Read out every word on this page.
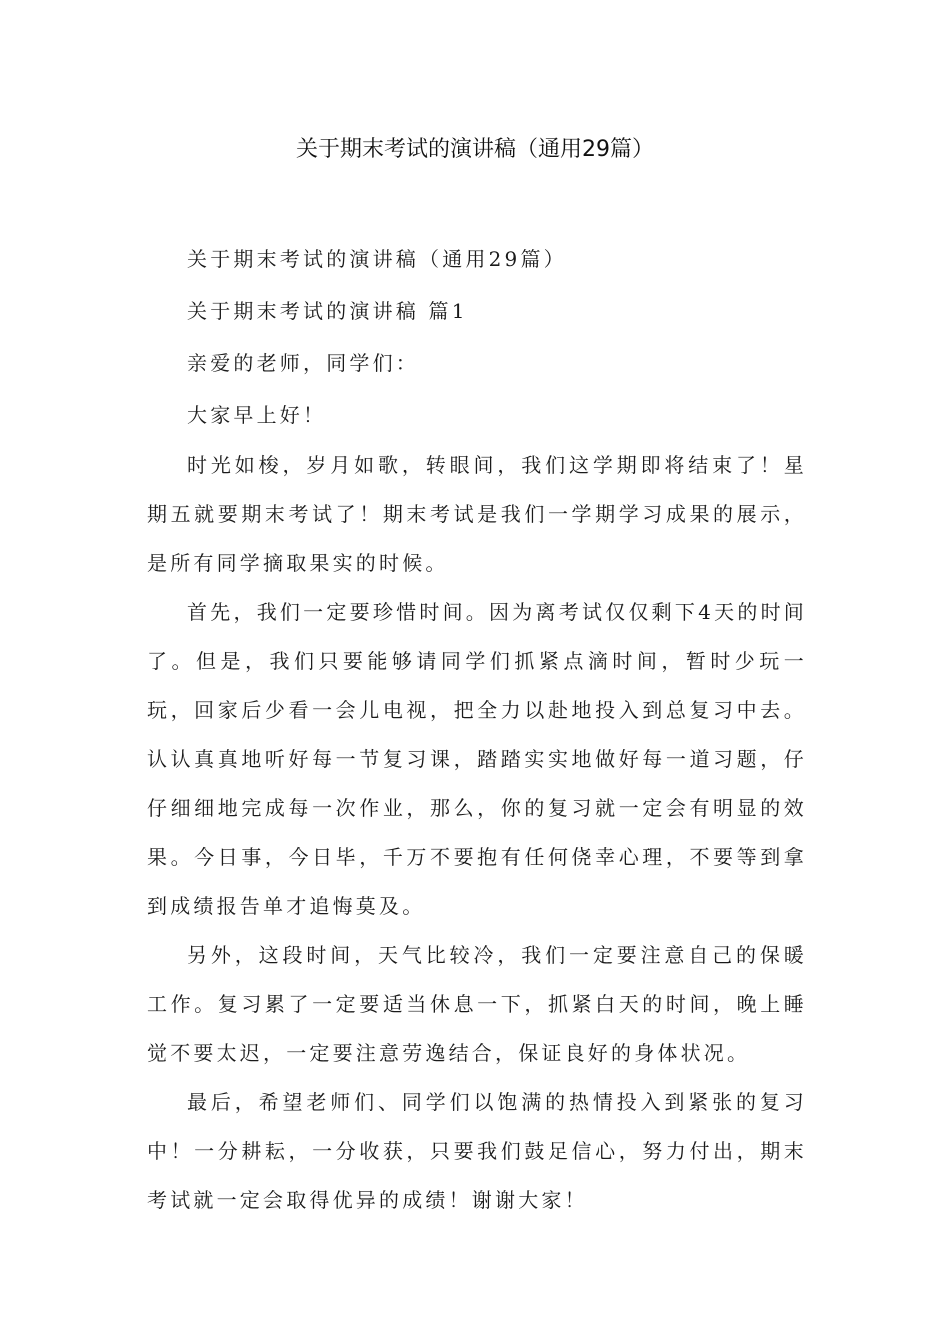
关于期末考试的演讲稿（通用29篇）

关于期末考试的演讲稿（通用29篇）

关于期末考试的演讲稿 篇1

亲爱的老师，同学们：

大家早上好！

时光如梭，岁月如歌，转眼间，我们这学期即将结束了！星期五就要期末考试了！期末考试是我们一学期学习成果的展示，是所有同学摘取果实的时候。

首先，我们一定要珍惜时间。因为离考试仅仅剩下4天的时间了。但是，我们只要能够请同学们抓紧点滴时间，暂时少玩一玩，回家后少看一会儿电视，把全力以赴地投入到总复习中去。认认真真地听好每一节复习课，踏踏实实地做好每一道习题，仔仔细细地完成每一次作业，那么，你的复习就一定会有明显的效果。今日事，今日毕，千万不要抱有任何侥幸心理，不要等到拿到成绩报告单才追悔莫及。

另外，这段时间，天气比较冷，我们一定要注意自己的保暖工作。复习累了一定要适当休息一下，抓紧白天的时间，晚上睡觉不要太迟，一定要注意劳逸结合，保证良好的身体状况。

最后，希望老师们、同学们以饱满的热情投入到紧张的复习中！一分耕耘，一分收获，只要我们鼓足信心，努力付出，期末考试就一定会取得优异的成绩！谢谢大家！
